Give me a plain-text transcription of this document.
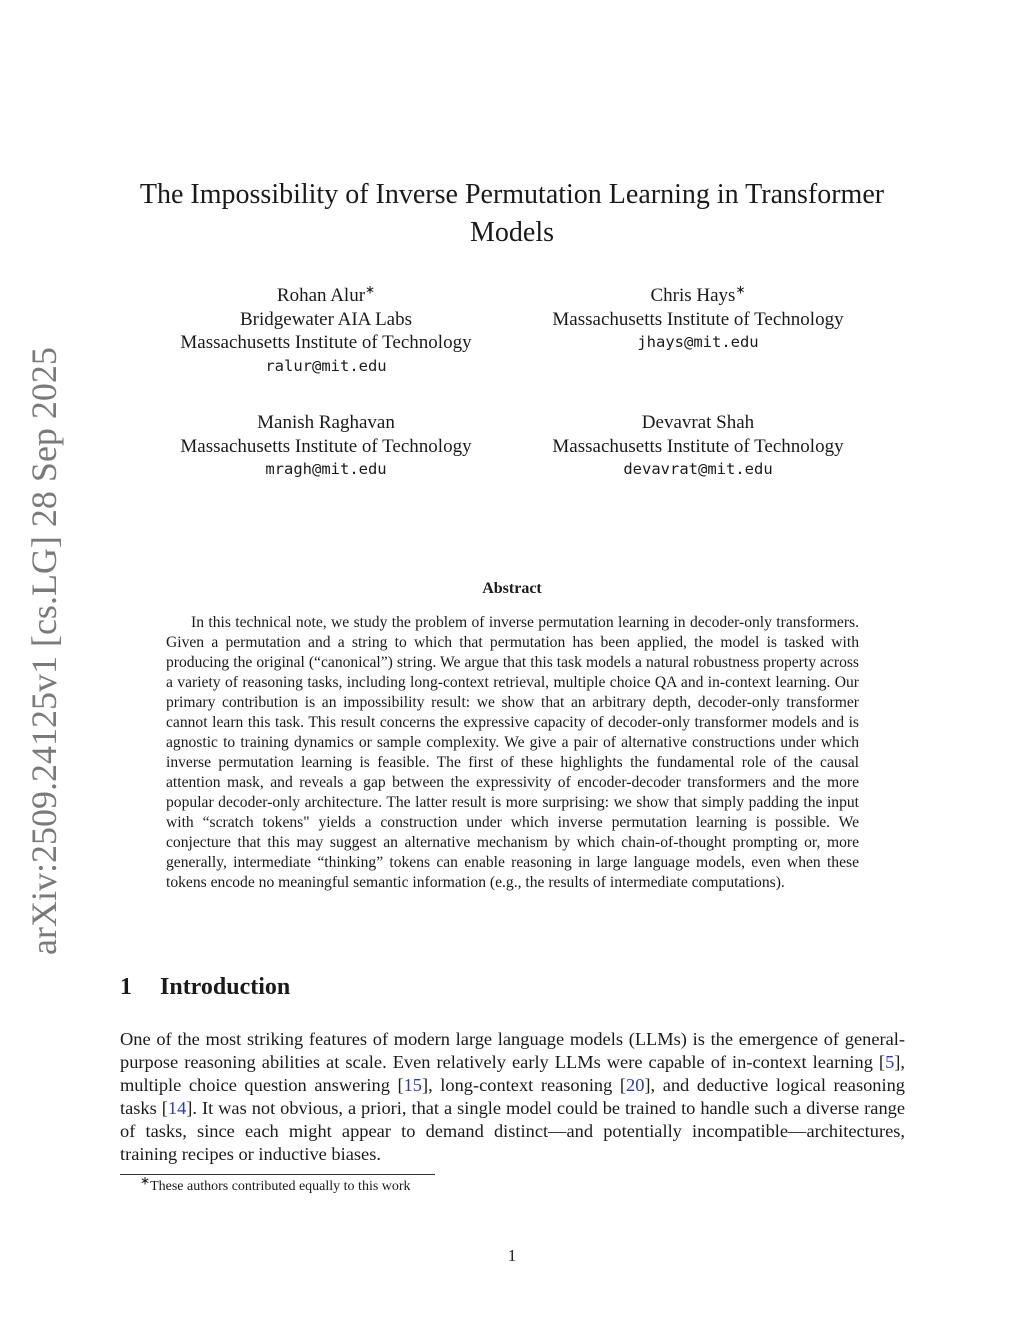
arXiv:2509.24125v1 [cs.LG] 28 Sep 2025
The Impossibility of Inverse Permutation Learning in Transformer Models
Rohan Alur∗
Bridgewater AIA Labs
Massachusetts Institute of Technology
ralur@mit.edu
Chris Hays∗
Massachusetts Institute of Technology
jhays@mit.edu
Manish Raghavan
Massachusetts Institute of Technology
mragh@mit.edu
Devavrat Shah
Massachusetts Institute of Technology
devavrat@mit.edu
Abstract

In this technical note, we study the problem of inverse permutation learning in decoder-only transformers. Given a permutation and a string to which that permutation has been applied, the model is tasked with producing the original (“canonical”) string. We argue that this task models a natural robustness property across a variety of reasoning tasks, including long-context retrieval, multiple choice QA and in-context learning. Our primary contribution is an impossibility result: we show that an arbitrary depth, decoder-only transformer cannot learn this task. This result concerns the expressive capacity of decoder-only transformer models and is agnostic to training dynamics or sample complexity. We give a pair of alternative constructions under which inverse permutation learning is feasible. The first of these highlights the fundamental role of the causal attention mask, and reveals a gap between the expressivity of encoder-decoder transformers and the more popular decoder-only architecture. The latter result is more surprising: we show that simply padding the input with “scratch tokens" yields a construction under which inverse permutation learning is possible. We conjecture that this may suggest an alternative mechanism by which chain-of-thought prompting or, more generally, intermediate “thinking” tokens can enable reasoning in large language models, even when these tokens encode no meaningful semantic information (e.g., the results of intermediate computations).

1 Introduction

One of the most striking features of modern large language models (LLMs) is the emergence of general-purpose reasoning abilities at scale. Even relatively early LLMs were capable of in-context learning [5], multiple choice question answering [15], long-context reasoning [20], and deductive logical reasoning tasks [14]. It was not obvious, a priori, that a single model could be trained to handle such a diverse range of tasks, since each might appear to demand distinct—and potentially incompatible—architectures, training recipes or inductive biases.

∗These authors contributed equally to this work
1
